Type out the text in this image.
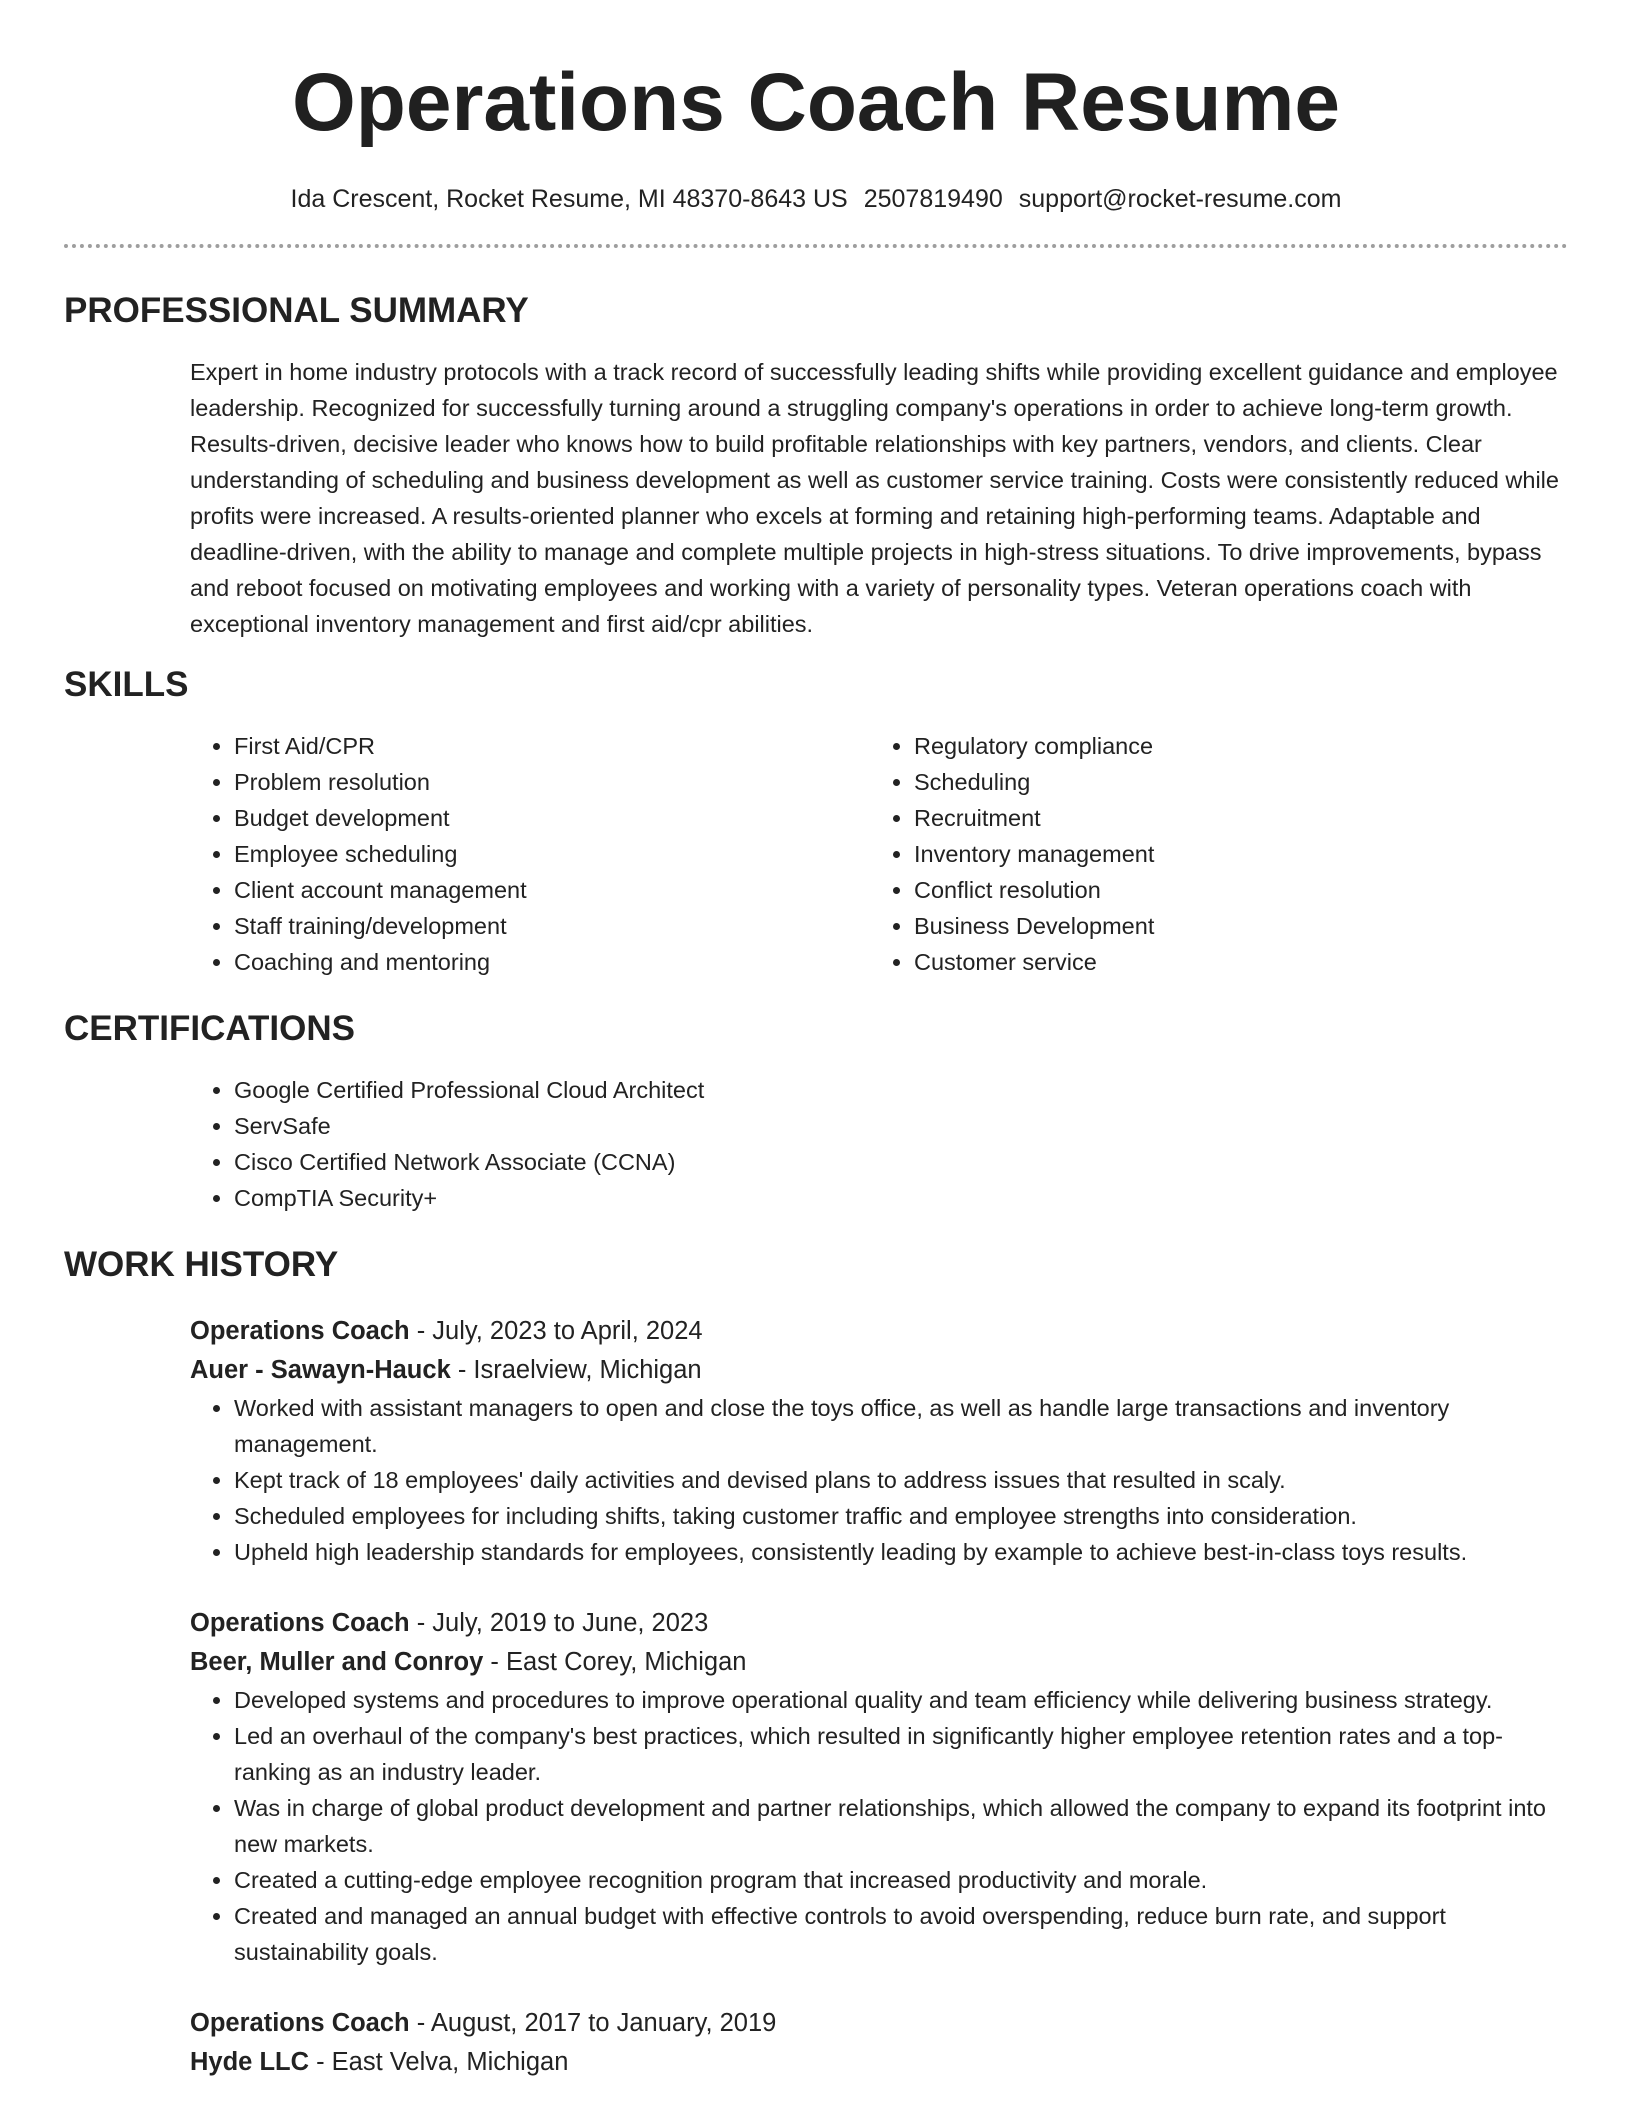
Operations Coach Resume
Ida Crescent, Rocket Resume, MI 48370-8643 US 2507819490 support@rocket-resume.com
PROFESSIONAL SUMMARY
Expert in home industry protocols with a track record of successfully leading shifts while providing excellent guidance and employee leadership. Recognized for successfully turning around a struggling company's operations in order to achieve long-term growth. Results-driven, decisive leader who knows how to build profitable relationships with key partners, vendors, and clients. Clear understanding of scheduling and business development as well as customer service training. Costs were consistently reduced while profits were increased. A results-oriented planner who excels at forming and retaining high-performing teams. Adaptable and deadline-driven, with the ability to manage and complete multiple projects in high-stress situations. To drive improvements, bypass and reboot focused on motivating employees and working with a variety of personality types. Veteran operations coach with exceptional inventory management and first aid/cpr abilities.
SKILLS
• First Aid/CPR
• Problem resolution
• Budget development
• Employee scheduling
• Client account management
• Staff training/development
• Coaching and mentoring
• Regulatory compliance
• Scheduling
• Recruitment
• Inventory management
• Conflict resolution
• Business Development
• Customer service
CERTIFICATIONS
• Google Certified Professional Cloud Architect
• ServSafe
• Cisco Certified Network Associate (CCNA)
• CompTIA Security+
WORK HISTORY
Operations Coach - July, 2023 to April, 2024
Auer - Sawayn-Hauck - Israelview, Michigan
• Worked with assistant managers to open and close the toys office, as well as handle large transactions and inventory management.
• Kept track of 18 employees' daily activities and devised plans to address issues that resulted in scaly.
• Scheduled employees for including shifts, taking customer traffic and employee strengths into consideration.
• Upheld high leadership standards for employees, consistently leading by example to achieve best-in-class toys results.
Operations Coach - July, 2019 to June, 2023
Beer, Muller and Conroy - East Corey, Michigan
• Developed systems and procedures to improve operational quality and team efficiency while delivering business strategy.
• Led an overhaul of the company's best practices, which resulted in significantly higher employee retention rates and a top-ranking as an industry leader.
• Was in charge of global product development and partner relationships, which allowed the company to expand its footprint into new markets.
• Created a cutting-edge employee recognition program that increased productivity and morale.
• Created and managed an annual budget with effective controls to avoid overspending, reduce burn rate, and support sustainability goals.
Operations Coach - August, 2017 to January, 2019
Hyde LLC - East Velva, Michigan
